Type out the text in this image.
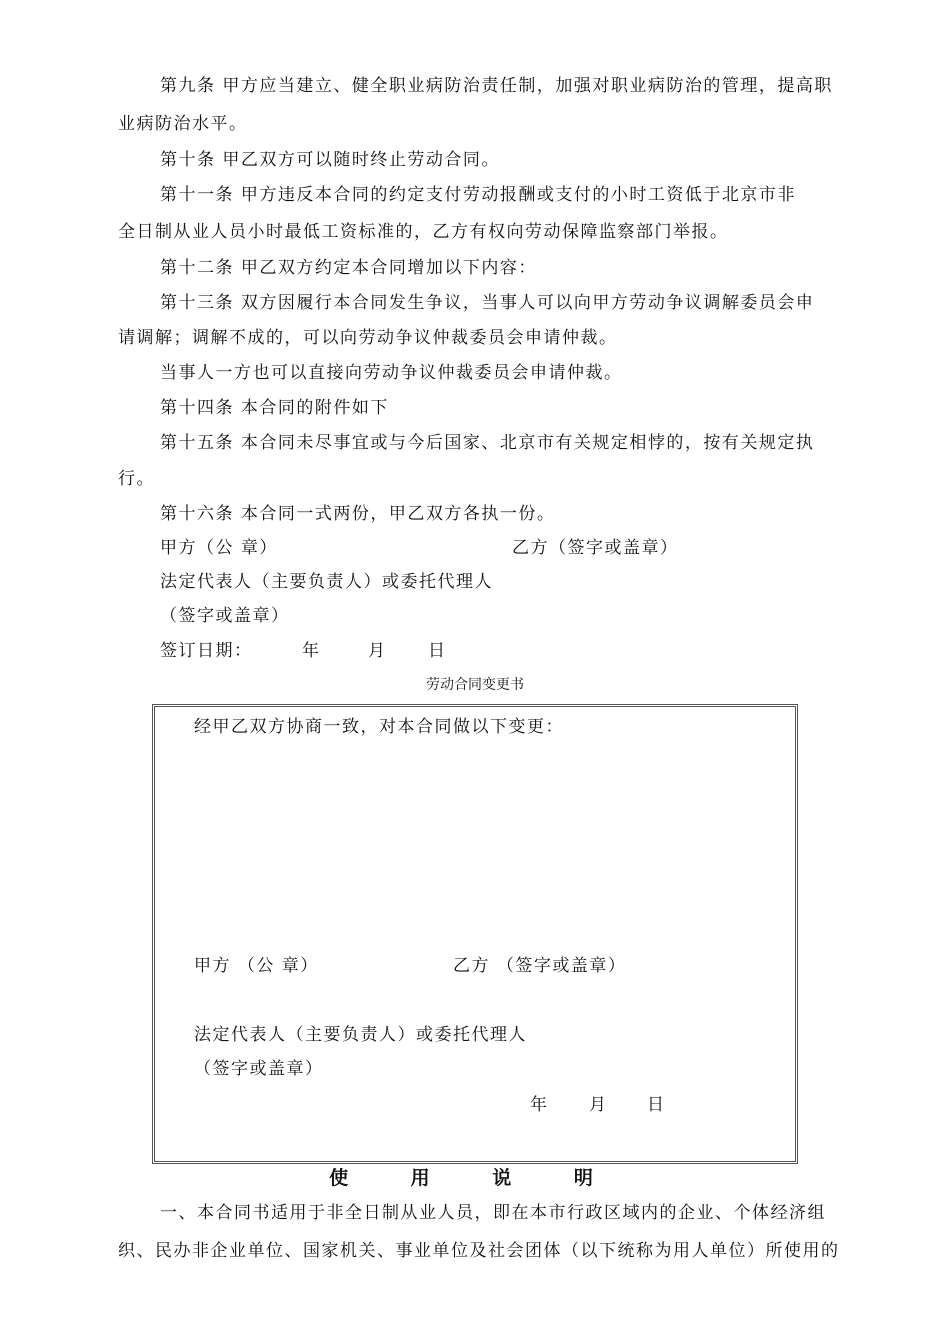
第九条 甲方应当建立、健全职业病防治责任制，加强对职业病防治的管理，提高职
业病防治水平。
第十条 甲乙双方可以随时终止劳动合同。
第十一条 甲方违反本合同的约定支付劳动报酬或支付的小时工资低于北京市非
全日制从业人员小时最低工资标准的，乙方有权向劳动保障监察部门举报。
第十二条 甲乙双方约定本合同增加以下内容：
第十三条 双方因履行本合同发生争议，当事人可以向甲方劳动争议调解委员会申
请调解；调解不成的，可以向劳动争议仲裁委员会申请仲裁。
当事人一方也可以直接向劳动争议仲裁委员会申请仲裁。
第十四条 本合同的附件如下
第十五条 本合同未尽事宜或与今后国家、北京市有关规定相悖的，按有关规定执
行。
第十六条 本合同一式两份，甲乙双方各执一份。
甲方（公 章）	乙方（签字或盖章）
法定代表人（主要负责人）或委托代理人
（签字或盖章）
签订日期：	年	月 日
劳动合同变更书
经甲乙双方协商一致，对本合同做以下变更：
甲方 （公 章）	乙方 （签字或盖章）
法定代表人（主要负责人）或委托代理人
（签字或盖章）
年 月 日
使 用 说 明
一、本合同书适用于非全日制从业人员，即在本市行政区域内的企业、个体经济组
织、民办非企业单位、国家机关、事业单位及社会团体（以下统称为用人单位）所使用的
